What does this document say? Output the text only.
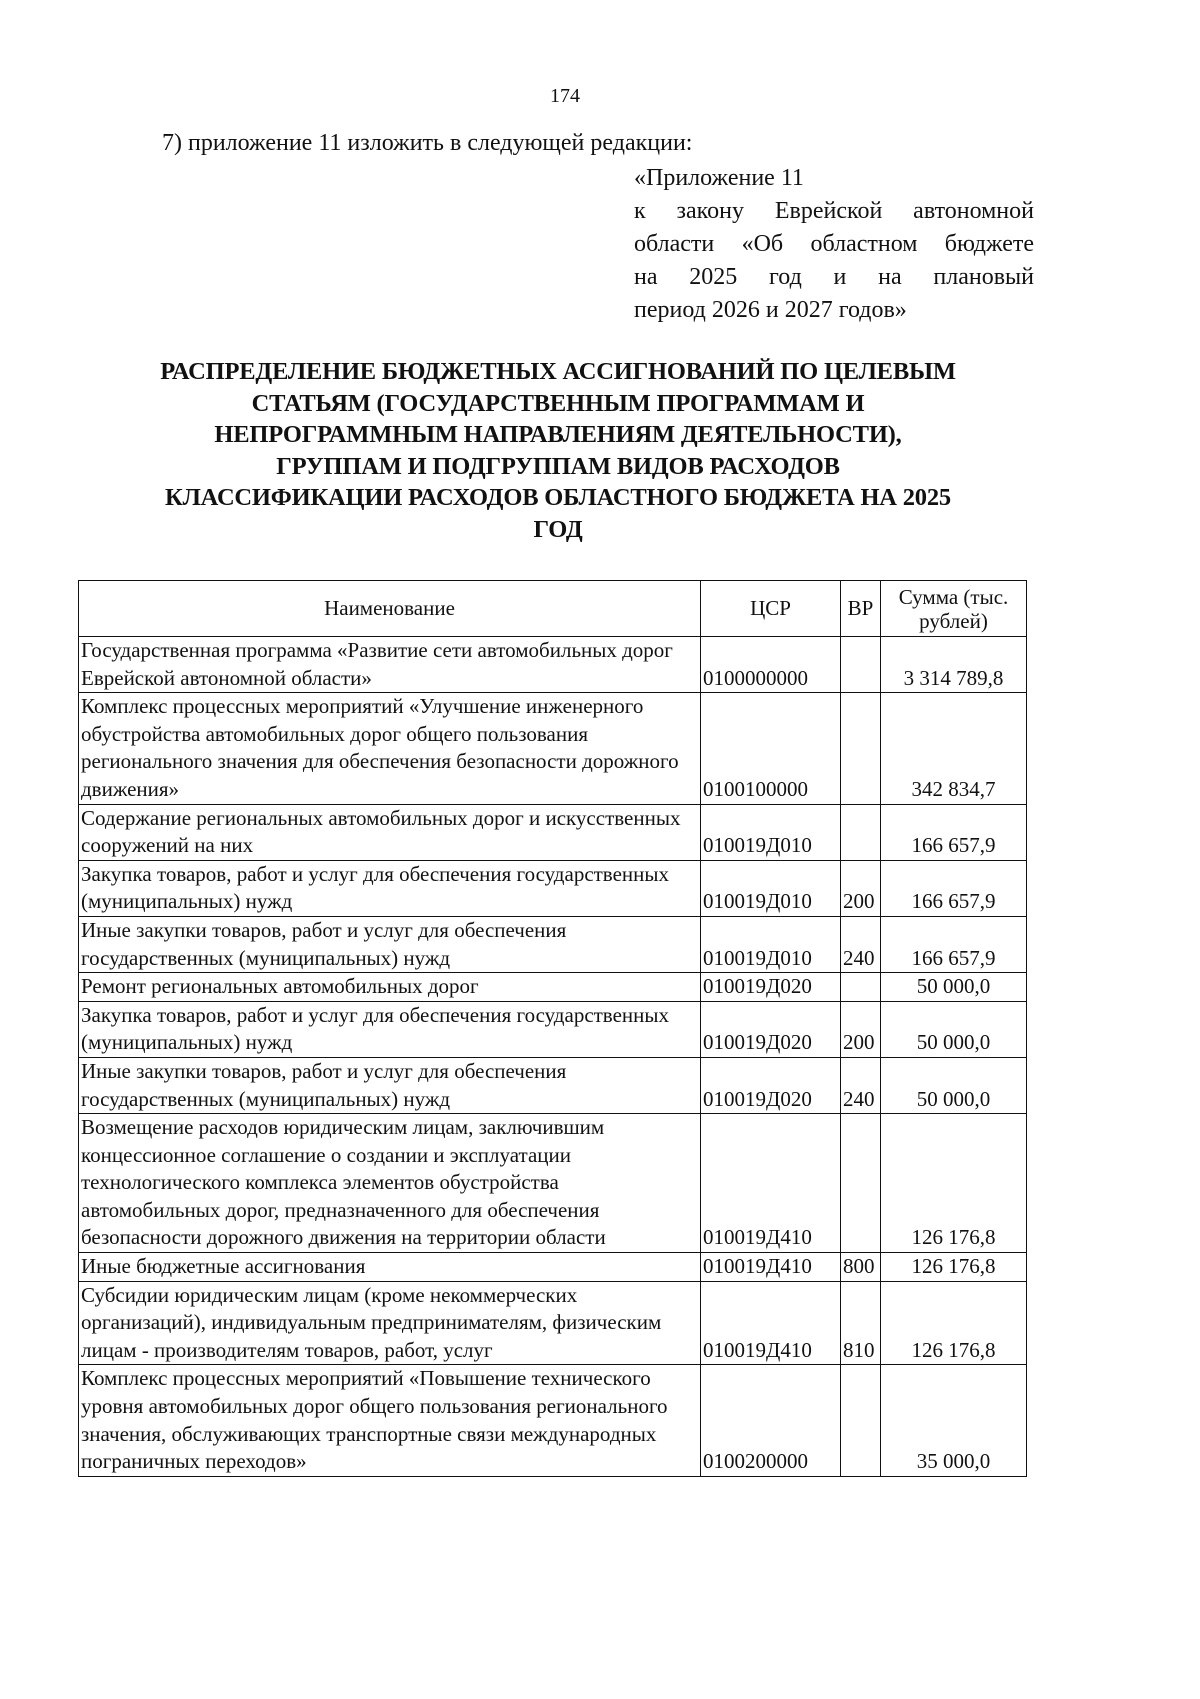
174
7) приложение 11 изложить в следующей редакции:
«Приложение 11
к закону Еврейской автономной
области «Об областном бюджете
на 2025 год и на плановый
период 2026 и 2027 годов»
РАСПРЕДЕЛЕНИЕ БЮДЖЕТНЫХ АССИГНОВАНИЙ ПО ЦЕЛЕВЫМ
СТАТЬЯМ (ГОСУДАРСТВЕННЫМ ПРОГРАММАМ И
НЕПРОГРАММНЫМ НАПРАВЛЕНИЯМ ДЕЯТЕЛЬНОСТИ),
ГРУППАМ И ПОДГРУППАМ ВИДОВ РАСХОДОВ
КЛАССИФИКАЦИИ РАСХОДОВ ОБЛАСТНОГО БЮДЖЕТА НА 2025
ГОД
Наименование	ЦСР	ВР	Сумма (тыс. рублей)
Государственная программа «Развитие сети автомобильных дорог Еврейской автономной области»	0100000000		3 314 789,8
Комплекс процессных мероприятий «Улучшение инженерного обустройства автомобильных дорог общего пользования регионального значения для обеспечения безопасности дорожного движения»	0100100000		342 834,7
Содержание региональных автомобильных дорог и искусственных сооружений на них	010019Д010		166 657,9
Закупка товаров, работ и услуг для обеспечения государственных (муниципальных) нужд	010019Д010	200	166 657,9
Иные закупки товаров, работ и услуг для обеспечения государственных (муниципальных) нужд	010019Д010	240	166 657,9
Ремонт региональных автомобильных дорог	010019Д020		50 000,0
Закупка товаров, работ и услуг для обеспечения государственных (муниципальных) нужд	010019Д020	200	50 000,0
Иные закупки товаров, работ и услуг для обеспечения государственных (муниципальных) нужд	010019Д020	240	50 000,0
Возмещение расходов юридическим лицам, заключившим концессионное соглашение о создании и эксплуатации технологического комплекса элементов обустройства автомобильных дорог, предназначенного для обеспечения безопасности дорожного движения на территории области	010019Д410		126 176,8
Иные бюджетные ассигнования	010019Д410	800	126 176,8
Субсидии юридическим лицам (кроме некоммерческих организаций), индивидуальным предпринимателям, физическим лицам - производителям товаров, работ, услуг	010019Д410	810	126 176,8
Комплекс процессных мероприятий «Повышение технического уровня автомобильных дорог общего пользования регионального значения, обслуживающих транспортные связи международных пограничных переходов»	0100200000		35 000,0
